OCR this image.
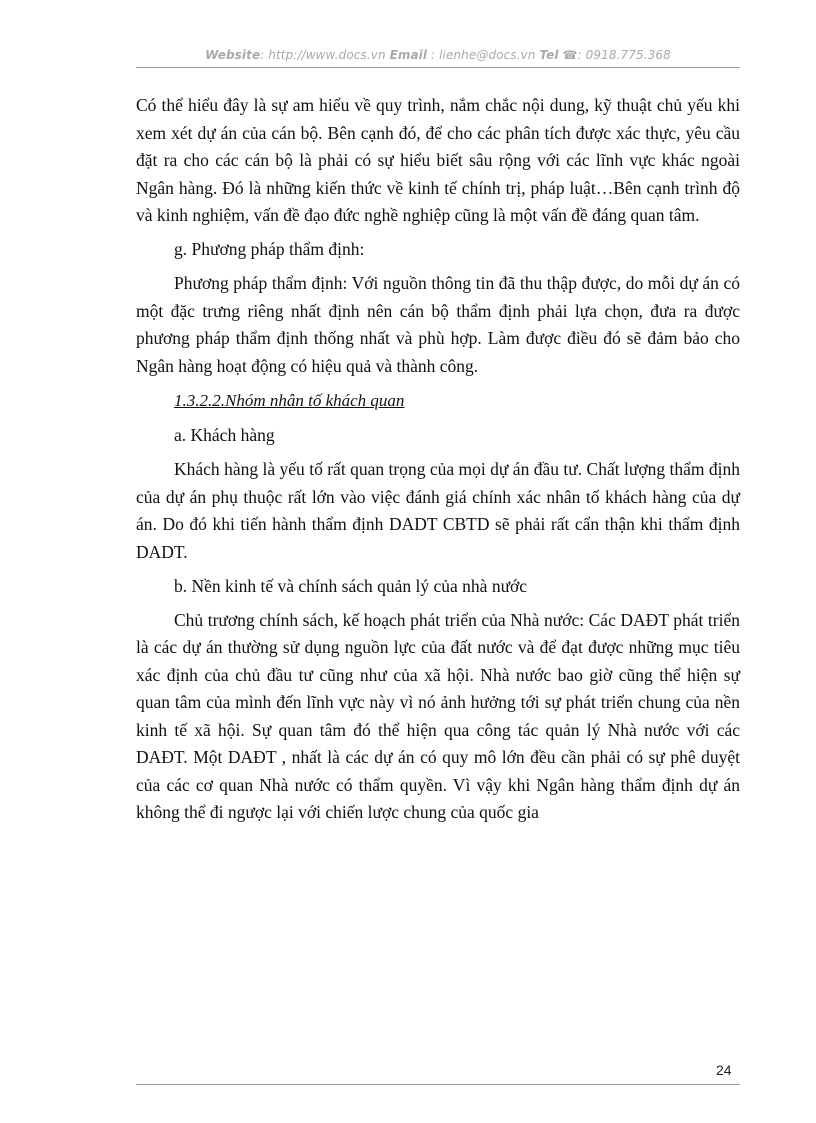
Website: http://www.docs.vn Email : lienhe@docs.vn Tel ☎: 0918.775.368

Có thể hiểu đây là sự am hiểu về quy trình, nắm chắc nội dung, kỹ thuật chủ yếu khi xem xét dự án của cán bộ. Bên cạnh đó, để cho các phân tích được xác thực, yêu cầu đặt ra cho các cán bộ là phải có sự hiểu biết sâu rộng với các lĩnh vực khác ngoài Ngân hàng. Đó là những kiến thức về kinh tế chính trị, pháp luật…Bên cạnh trình độ và kinh nghiệm, vấn đề đạo đức nghề nghiệp cũng là một vấn đề đáng quan tâm.

g. Phương pháp thẩm định:

Phương pháp thẩm định: Với nguồn thông tin đã thu thập được, do mỗi dự án có một đặc trưng riêng nhất định nên cán bộ thẩm định phải lựa chọn, đưa ra được phương pháp thẩm định thống nhất và phù hợp. Làm được điều đó sẽ đảm bảo cho Ngân hàng hoạt động có hiệu quả và thành công.

1.3.2.2.Nhóm nhân tố khách quan

a. Khách hàng

Khách hàng là yếu tố rất quan trọng của mọi dự án đầu tư. Chất lượng thẩm định của dự án phụ thuộc rất lớn vào việc đánh giá chính xác nhân tố khách hàng của dự án. Do đó khi tiến hành thẩm định DADT CBTD sẽ phải rất cẩn thận khi thẩm định DADT.

b. Nền kinh tế và chính sách quản lý của nhà nước

Chủ trương chính sách, kế hoạch phát triển của Nhà nước: Các DAĐT phát triển là các dự án thường sử dụng nguồn lực của đất nước và để đạt được những mục tiêu xác định của chủ đầu tư cũng như của xã hội. Nhà nước bao giờ cũng thể hiện sự quan tâm của mình đến lĩnh vực này vì nó ảnh hưởng tới sự phát triển chung của nền kinh tế xã hội. Sự quan tâm đó thể hiện qua công tác quản lý Nhà nước với các DAĐT. Một DAĐT , nhất là các dự án có quy mô lớn đều cần phải có sự phê duyệt của các cơ quan Nhà nước có thẩm quyền. Vì vậy khi Ngân hàng thẩm định dự án không thể đi ngược lại với chiến lược chung của quốc gia

24
